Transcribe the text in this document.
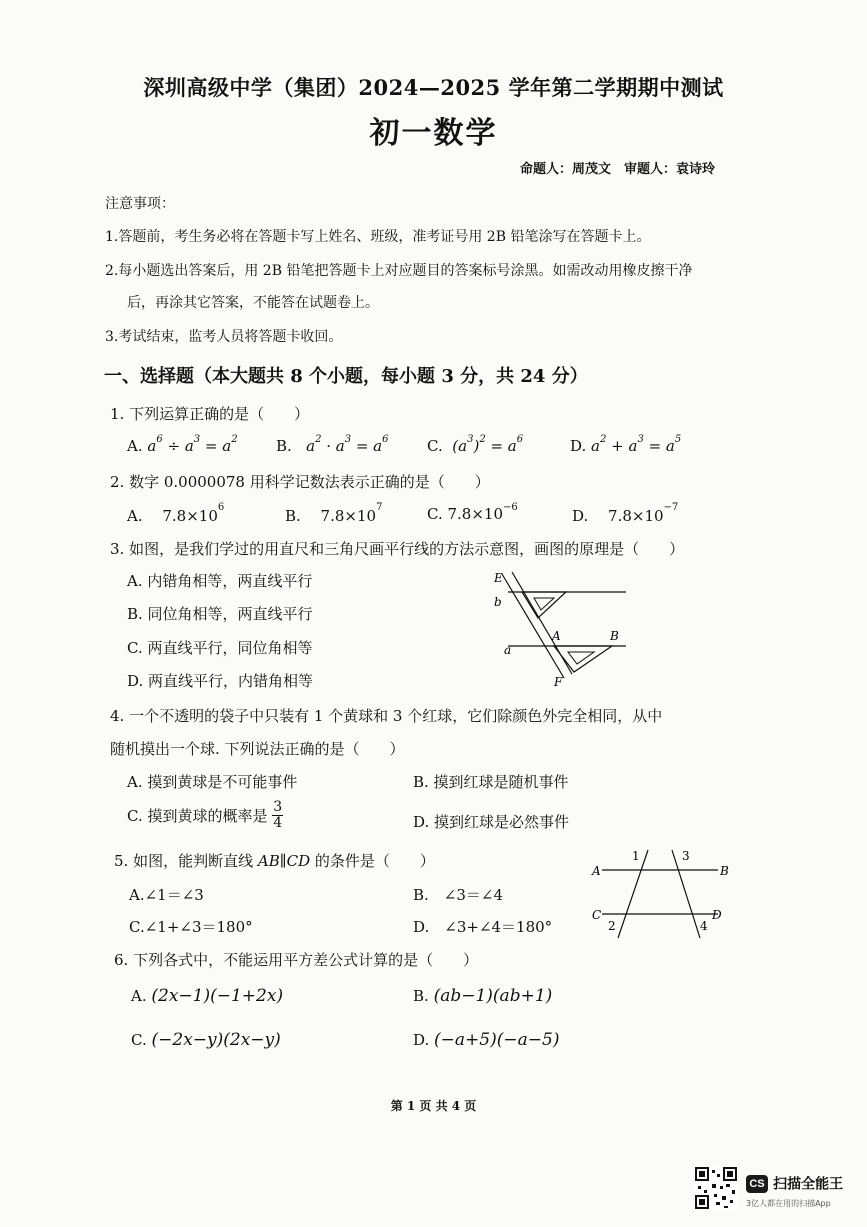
深圳高级中学（集团）2024—2025 学年第二学期期中测试
初一数学
命题人：周茂文　审题人：袁诗玲
注意事项：
1.答题前，考生务必将在答题卡写上姓名、班级，准考证号用 2B 铅笔涂写在答题卡上。
2.每小题选出答案后，用 2B 铅笔把答题卡上对应题目的答案标号涂黑。如需改动用橡皮擦干净
后，再涂其它答案，不能答在试题卷上。
3.考试结束，监考人员将答题卡收回。
一、选择题（本大题共 8 个小题，每小题 3 分，共 24 分）
1. 下列运算正确的是（　　）
A. $a^6 \div a^3 = a^2$	B.   $a^2 \cdot a^3 = a^6$	C.  $(a^3)^2 = a^6$	D. $a^2 + a^3 = a^5$
2. 数字 0.0000078 用科学记数法表示正确的是（　　）
A.　 $7.8\times 10^6$	B.　 $7.8\times 10^7$	C. $7.8\times 10^{-6}$	D.　 $7.8\times 10^{-7}$
3. 如图，是我们学过的用直尺和三角尺画平行线的方法示意图，画图的原理是（　　）
A. 内错角相等，两直线平行
B. 同位角相等，两直线平行
C. 两直线平行，同位角相等
D. 两直线平行，内错角相等
E
b
a
A	B
F
4. 一个不透明的袋子中只装有 1 个黄球和 3 个红球，它们除颜色外完全相同，从中
随机摸出一个球. 下列说法正确的是（　　）
A. 摸到黄球是不可能事件	B. 摸到红球是随机事件
C. 摸到黄球的概率是 $\frac{3}{4}$	D. 摸到红球是必然事件
5. 如图，能判断直线 AB∥CD 的条件是（　　）
A.∠1＝∠3	B.　∠3＝∠4
C.∠1+∠3＝180°	D.　∠3+∠4＝180°
A	B
C	D
1	3
2	4
6. 下列各式中，不能运用平方差公式计算的是（　　）
A. (2x−1)(−1+2x)	B. (ab−1)(ab+1)
C. (−2x−y)(2x−y)	D. (−a+5)(−a−5)
第 1 页 共 4 页
CS 扫描全能王
3亿人都在用的扫描App
